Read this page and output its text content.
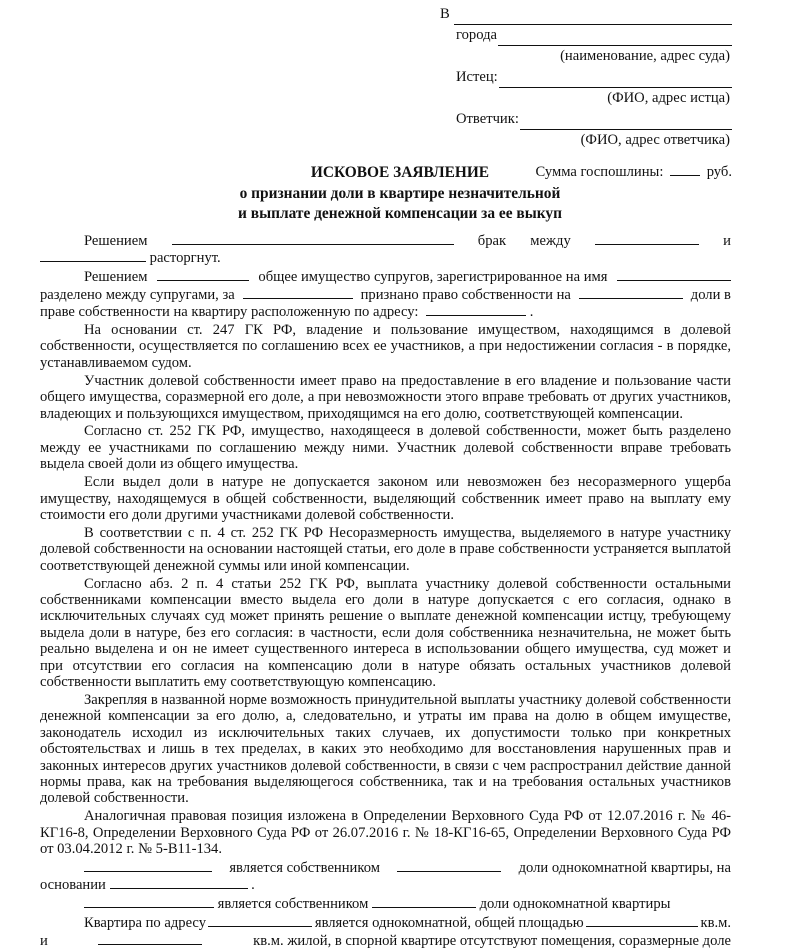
В
города
(наименование, адрес суда)
Истец:
(ФИО, адрес истца)
Ответчик:
(ФИО, адрес ответчика)
Сумма госпошлины:	руб.
ИСКОВОЕ ЗАЯВЛЕНИЕ
о признании доли в квартире незначительной
и выплате денежной компенсации за ее выкуп
Решением	брак между	и
расторгнут.
Решением	общее имущество супругов, зарегистрированное на имя
разделено между супругами, за	признано право собственности на	доли в
праве собственности на квартиру расположенную по адресу:	.

На основании ст. 247 ГК РФ, владение и пользование имуществом, находящимся в долевой собственности, осуществляется по соглашению всех ее участников, а при недостижении согласия - в порядке, устанавливаемом судом.

Участник долевой собственности имеет право на предоставление в его владение и пользование части общего имущества, соразмерной его доле, а при невозможности этого вправе требовать от других участников, владеющих и пользующихся имуществом, приходящимся на его долю, соответствующей компенсации.

Согласно ст. 252 ГК РФ, имущество, находящееся в долевой собственности, может быть разделено между ее участниками по соглашению между ними. Участник долевой собственности вправе требовать выдела своей доли из общего имущества.

Если выдел доли в натуре не допускается законом или невозможен без несоразмерного ущерба имуществу, находящемуся в общей собственности, выделяющий собственник имеет право на выплату ему стоимости его доли другими участниками долевой собственности.

В соответствии с п. 4 ст. 252 ГК РФ Несоразмерность имущества, выделяемого в натуре участнику долевой собственности на основании настоящей статьи, его доле в праве собственности устраняется выплатой соответствующей денежной суммы или иной компенсации.

Согласно абз. 2 п. 4 статьи 252 ГК РФ, выплата участнику долевой собственности остальными собственниками компенсации вместо выдела его доли в натуре допускается с его согласия, однако в исключительных случаях суд может принять решение о выплате денежной компенсации истцу, требующему выдела доли в натуре, без его согласия: в частности, если доля собственника незначительна, не может быть реально выделена и он не имеет существенного интереса в использовании общего имущества, суд может и при отсутствии его согласия на компенсацию доли в натуре обязать остальных участников долевой собственности выплатить ему соответствующую компенсацию.

Закрепляя в названной норме возможность принудительной выплаты участнику долевой собственности денежной компенсации за его долю, а, следовательно, и утраты им права на долю в общем имуществе, законодатель исходил из исключительных таких случаев, их допустимости только при конкретных обстоятельствах и лишь в тех пределах, в каких это необходимо для восстановления нарушенных прав и законных интересов других участников долевой собственности, в связи с чем распространил действие данной нормы права, как на требования выделяющегося собственника, так и на требования остальных участников долевой собственности.

Аналогичная правовая позиция изложена в Определении Верховного Суда РФ от 12.07.2016 г. № 46-КГ16-8, Определении Верховного Суда РФ от 26.07.2016 г. № 18-КГ16-65, Определении Верховного Суда РФ от 03.04.2012 г. № 5-В11-134.

является собственником	доли однокомнатной квартиры, на
основании	.
является собственником	доли однокомнатной квартиры
Квартира по адресу	является однокомнатной, общей площадью	кв.м.
и	кв.м. жилой, в спорной квартире отсутствуют помещения, соразмерные доле
